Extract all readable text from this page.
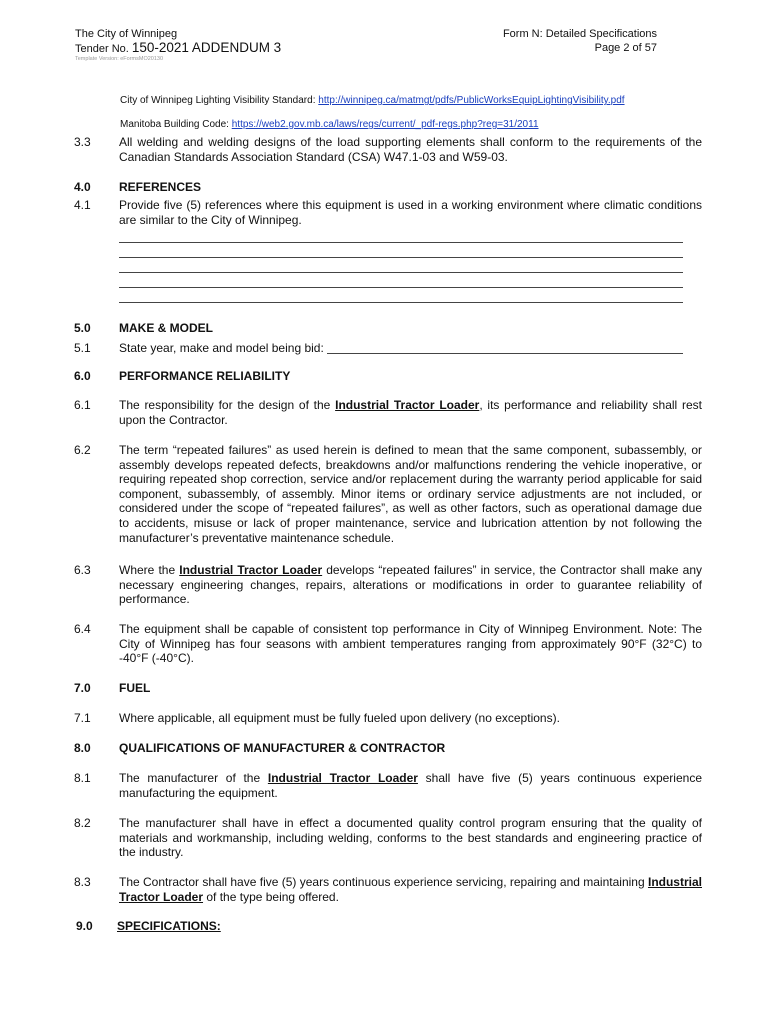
The City of Winnipeg
Tender No. 150-2021 ADDENDUM 3
Form N: Detailed Specifications
Page 2 of 57
Template Version: eFormsMO20130
City of Winnipeg Lighting Visibility Standard: http://winnipeg.ca/matmgt/pdfs/PublicWorksEquipLightingVisibility.pdf
Manitoba Building Code: https://web2.gov.mb.ca/laws/regs/current/_pdf-regs.php?reg=31/2011
3.3 All welding and welding designs of the load supporting elements shall conform to the requirements of the Canadian Standards Association Standard (CSA) W47.1-03 and W59-03.
4.0 REFERENCES
4.1 Provide five (5) references where this equipment is used in a working environment where climatic conditions are similar to the City of Winnipeg.
5.0 MAKE & MODEL
5.1 State year, make and model being bid:
6.0 PERFORMANCE RELIABILITY
6.1 The responsibility for the design of the Industrial Tractor Loader, its performance and reliability shall rest upon the Contractor.
6.2 The term “repeated failures” as used herein is defined to mean that the same component, subassembly, or assembly develops repeated defects, breakdowns and/or malfunctions rendering the vehicle inoperative, or requiring repeated shop correction, service and/or replacement during the warranty period applicable for said component, subassembly, of assembly. Minor items or ordinary service adjustments are not included, or considered under the scope of “repeated failures”, as well as other factors, such as operational damage due to accidents, misuse or lack of proper maintenance, service and lubrication attention by not following the manufacturer’s preventative maintenance schedule.
6.3 Where the Industrial Tractor Loader develops “repeated failures” in service, the Contractor shall make any necessary engineering changes, repairs, alterations or modifications in order to guarantee reliability of performance.
6.4 The equipment shall be capable of consistent top performance in City of Winnipeg Environment. Note: The City of Winnipeg has four seasons with ambient temperatures ranging from approximately 90°F (32°C) to -40°F (-40°C).
7.0 FUEL
7.1 Where applicable, all equipment must be fully fueled upon delivery (no exceptions).
8.0 QUALIFICATIONS OF MANUFACTURER & CONTRACTOR
8.1 The manufacturer of the Industrial Tractor Loader shall have five (5) years continuous experience manufacturing the equipment.
8.2 The manufacturer shall have in effect a documented quality control program ensuring that the quality of materials and workmanship, including welding, conforms to the best standards and engineering practice of the industry.
8.3 The Contractor shall have five (5) years continuous experience servicing, repairing and maintaining Industrial Tractor Loader of the type being offered.
9.0 SPECIFICATIONS:
